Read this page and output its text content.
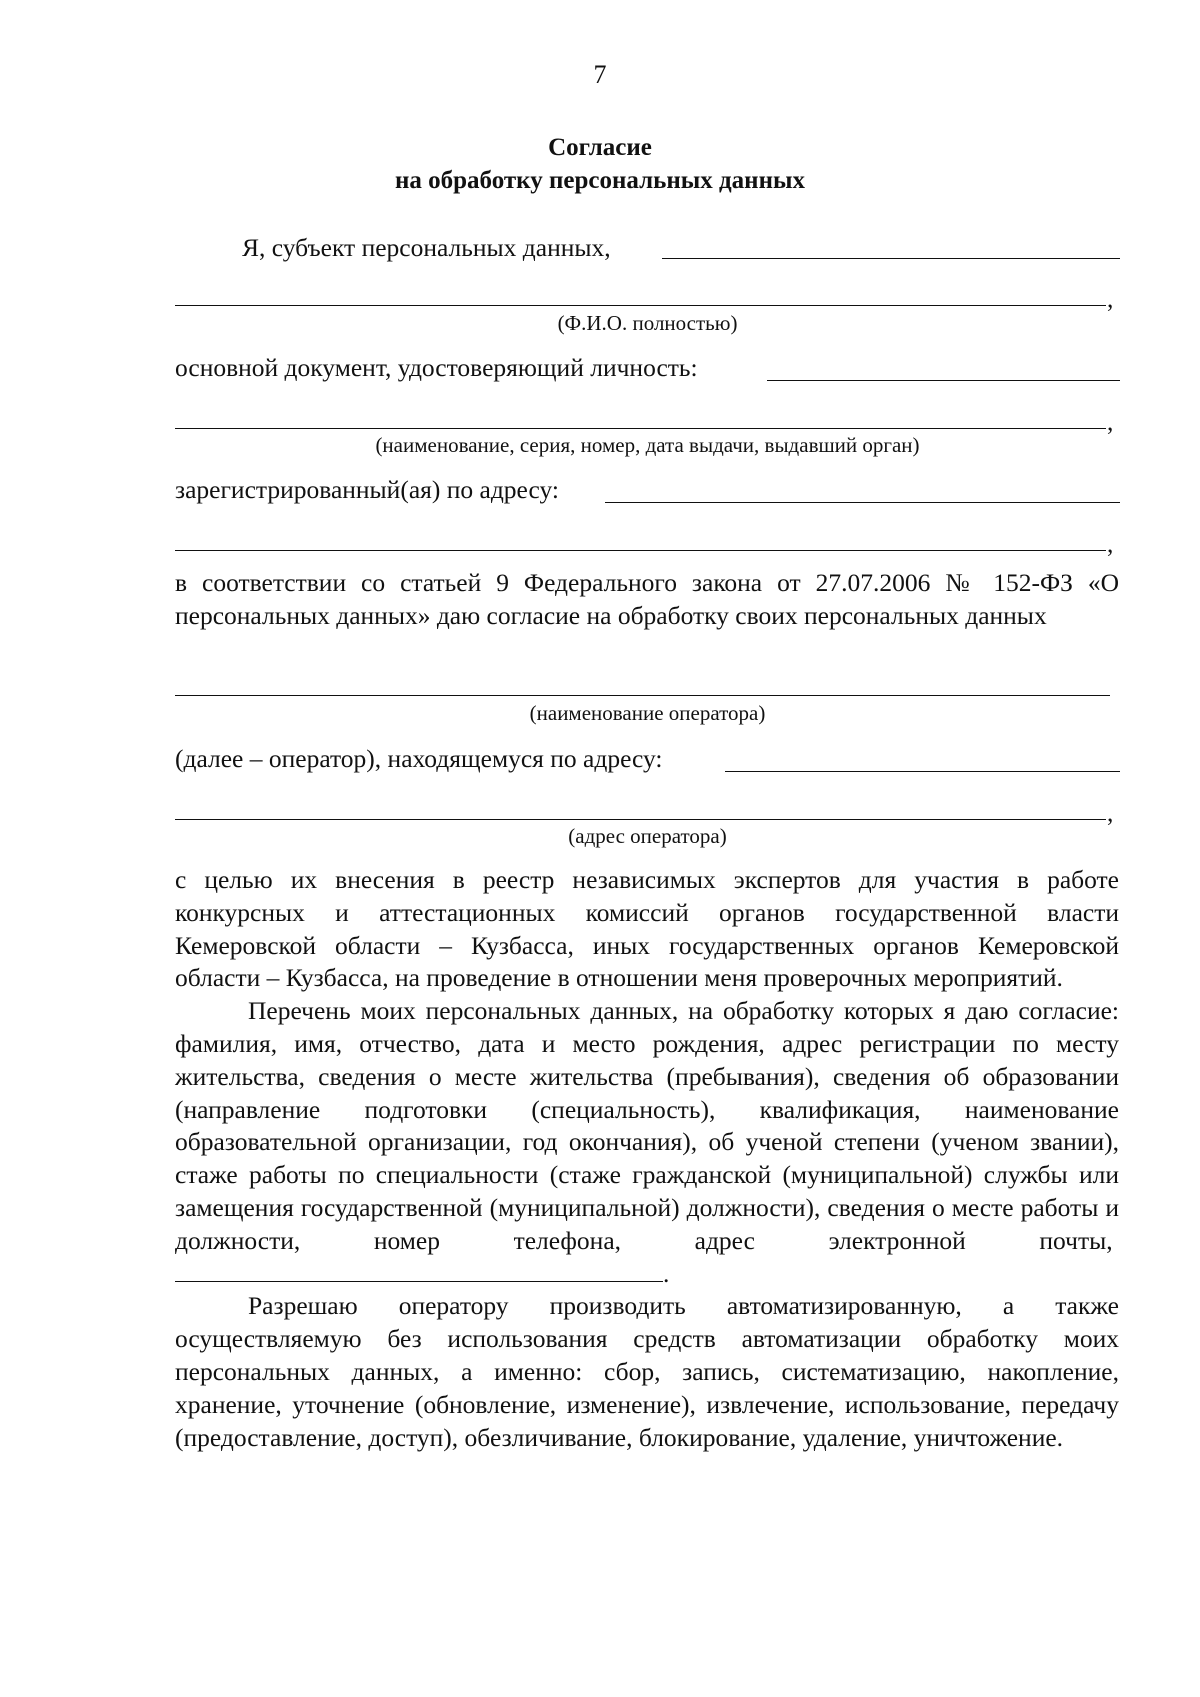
7
Согласие
на обработку персональных данных
Я, субъект персональных данных,
,
(Ф.И.О. полностью)
основной документ, удостоверяющий личность:
,
(наименование, серия, номер, дата выдачи, выдавший орган)
зарегистрированный(ая) по адресу:
,

в соответствии со статьей 9 Федерального закона от 27.07.2006 № 152-ФЗ «О персональных данных» даю согласие на обработку своих персональных данных

(наименование оператора)
(далее – оператор), находящемуся по адресу:
,
(адрес оператора)

с целью их внесения в реестр независимых экспертов для участия в работе конкурсных и аттестационных комиссий органов государственной власти Кемеровской области – Кузбасса, иных государственных органов Кемеровской области – Кузбасса, на проведение в отношении меня проверочных мероприятий.

Перечень моих персональных данных, на обработку которых я даю согласие: фамилия, имя, отчество, дата и место рождения, адрес регистрации по месту жительства, сведения о месте жительства (пребывания), сведения об образовании (направление подготовки (специальность), квалификация, наименование образовательной организации, год окончания), об ученой степени (ученом звании), стаже работы по специальности (стаже гражданской (муниципальной) службы или замещения государственной (муниципальной) должности), сведения о месте работы и должности, номер телефона, адрес электронной почты, .

Разрешаю оператору производить автоматизированную, а также осуществляемую без использования средств автоматизации обработку моих персональных данных, а именно: сбор, запись, систематизацию, накопление, хранение, уточнение (обновление, изменение), извлечение, использование, передачу (предоставление, доступ), обезличивание, блокирование, удаление, уничтожение.
